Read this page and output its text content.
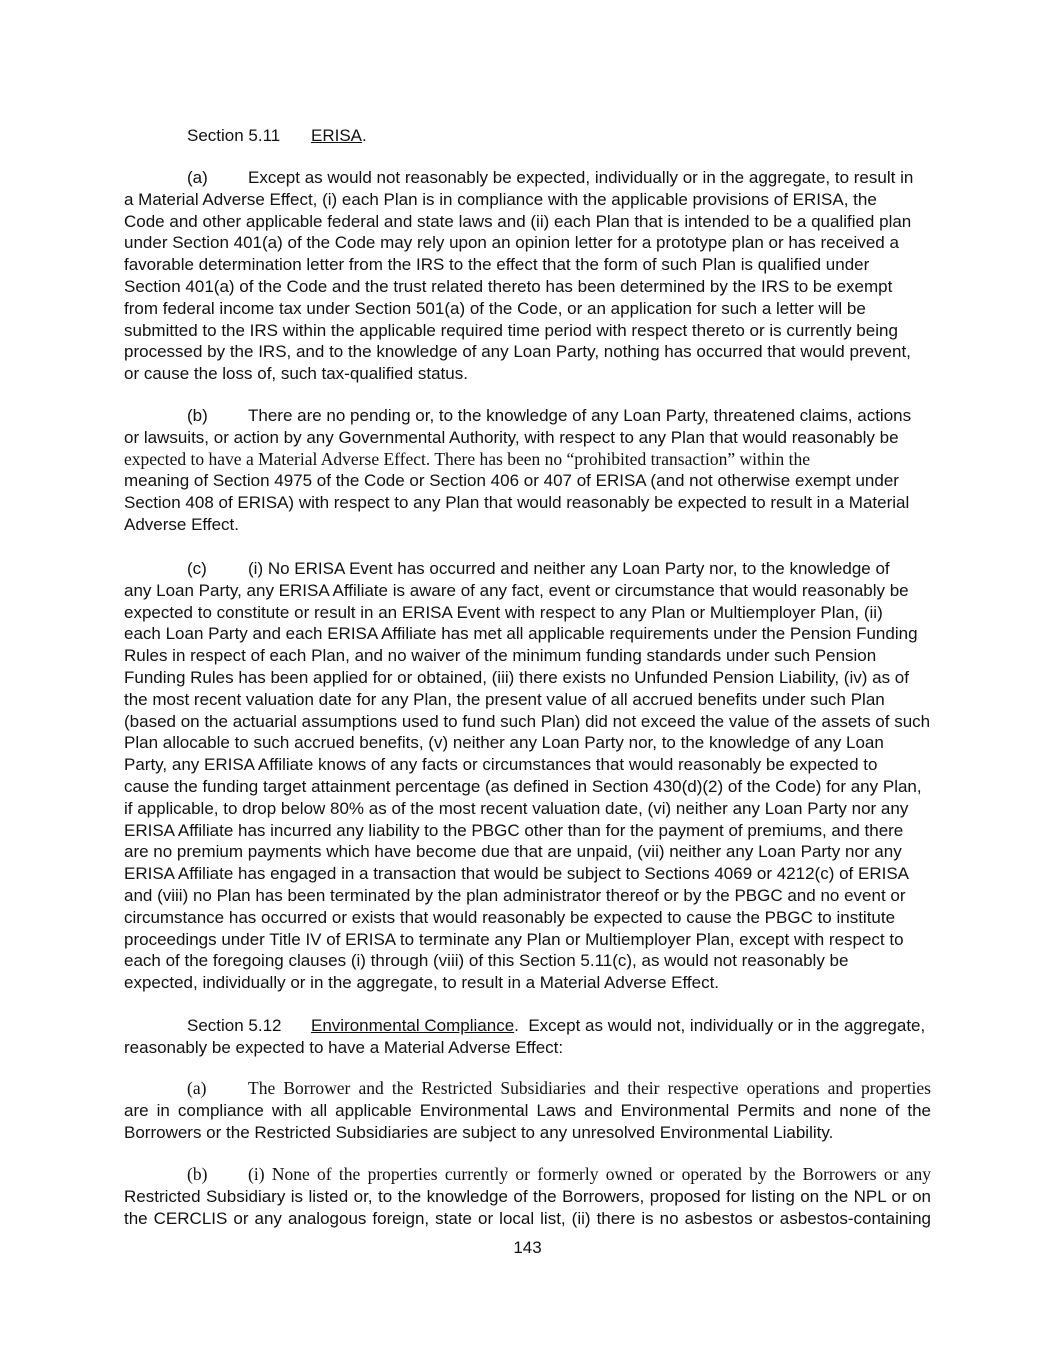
Section 5.11 ERISA.
(a) Except as would not reasonably be expected, individually or in the aggregate, to result in
a Material Adverse Effect, (i) each Plan is in compliance with the applicable provisions of ERISA, the
Code and other applicable federal and state laws and (ii) each Plan that is intended to be a qualified plan
under Section 401(a) of the Code may rely upon an opinion letter for a prototype plan or has received a
favorable determination letter from the IRS to the effect that the form of such Plan is qualified under
Section 401(a) of the Code and the trust related thereto has been determined by the IRS to be exempt
from federal income tax under Section 501(a) of the Code, or an application for such a letter will be
submitted to the IRS within the applicable required time period with respect thereto or is currently being
processed by the IRS, and to the knowledge of any Loan Party, nothing has occurred that would prevent,
or cause the loss of, such tax-qualified status.
(b) There are no pending or, to the knowledge of any Loan Party, threatened claims, actions
or lawsuits, or action by any Governmental Authority, with respect to any Plan that would reasonably be
expected to have a Material Adverse Effect. There has been no “prohibited transaction” within the
meaning of Section 4975 of the Code or Section 406 or 407 of ERISA (and not otherwise exempt under
Section 408 of ERISA) with respect to any Plan that would reasonably be expected to result in a Material
Adverse Effect.
(c) (i) No ERISA Event has occurred and neither any Loan Party nor, to the knowledge of
any Loan Party, any ERISA Affiliate is aware of any fact, event or circumstance that would reasonably be
expected to constitute or result in an ERISA Event with respect to any Plan or Multiemployer Plan, (ii)
each Loan Party and each ERISA Affiliate has met all applicable requirements under the Pension Funding
Rules in respect of each Plan, and no waiver of the minimum funding standards under such Pension
Funding Rules has been applied for or obtained, (iii) there exists no Unfunded Pension Liability, (iv) as of
the most recent valuation date for any Plan, the present value of all accrued benefits under such Plan
(based on the actuarial assumptions used to fund such Plan) did not exceed the value of the assets of such
Plan allocable to such accrued benefits, (v) neither any Loan Party nor, to the knowledge of any Loan
Party, any ERISA Affiliate knows of any facts or circumstances that would reasonably be expected to
cause the funding target attainment percentage (as defined in Section 430(d)(2) of the Code) for any Plan,
if applicable, to drop below 80% as of the most recent valuation date, (vi) neither any Loan Party nor any
ERISA Affiliate has incurred any liability to the PBGC other than for the payment of premiums, and there
are no premium payments which have become due that are unpaid, (vii) neither any Loan Party nor any
ERISA Affiliate has engaged in a transaction that would be subject to Sections 4069 or 4212(c) of ERISA
and (viii) no Plan has been terminated by the plan administrator thereof or by the PBGC and no event or
circumstance has occurred or exists that would reasonably be expected to cause the PBGC to institute
proceedings under Title IV of ERISA to terminate any Plan or Multiemployer Plan, except with respect to
each of the foregoing clauses (i) through (viii) of this Section 5.11(c), as would not reasonably be
expected, individually or in the aggregate, to result in a Material Adverse Effect.
Section 5.12 Environmental Compliance.  Except as would not, individually or in the aggregate,
reasonably be expected to have a Material Adverse Effect:
(a) The Borrower and the Restricted Subsidiaries and their respective operations and properties
are in compliance with all applicable Environmental Laws and Environmental Permits and none of the
Borrowers or the Restricted Subsidiaries are subject to any unresolved Environmental Liability.
(b) (i) None of the properties currently or formerly owned or operated by the Borrowers or any
Restricted Subsidiary is listed or, to the knowledge of the Borrowers, proposed for listing on the NPL or on
the CERCLIS or any analogous foreign, state or local list, (ii) there is no asbestos or asbestos-containing
143
